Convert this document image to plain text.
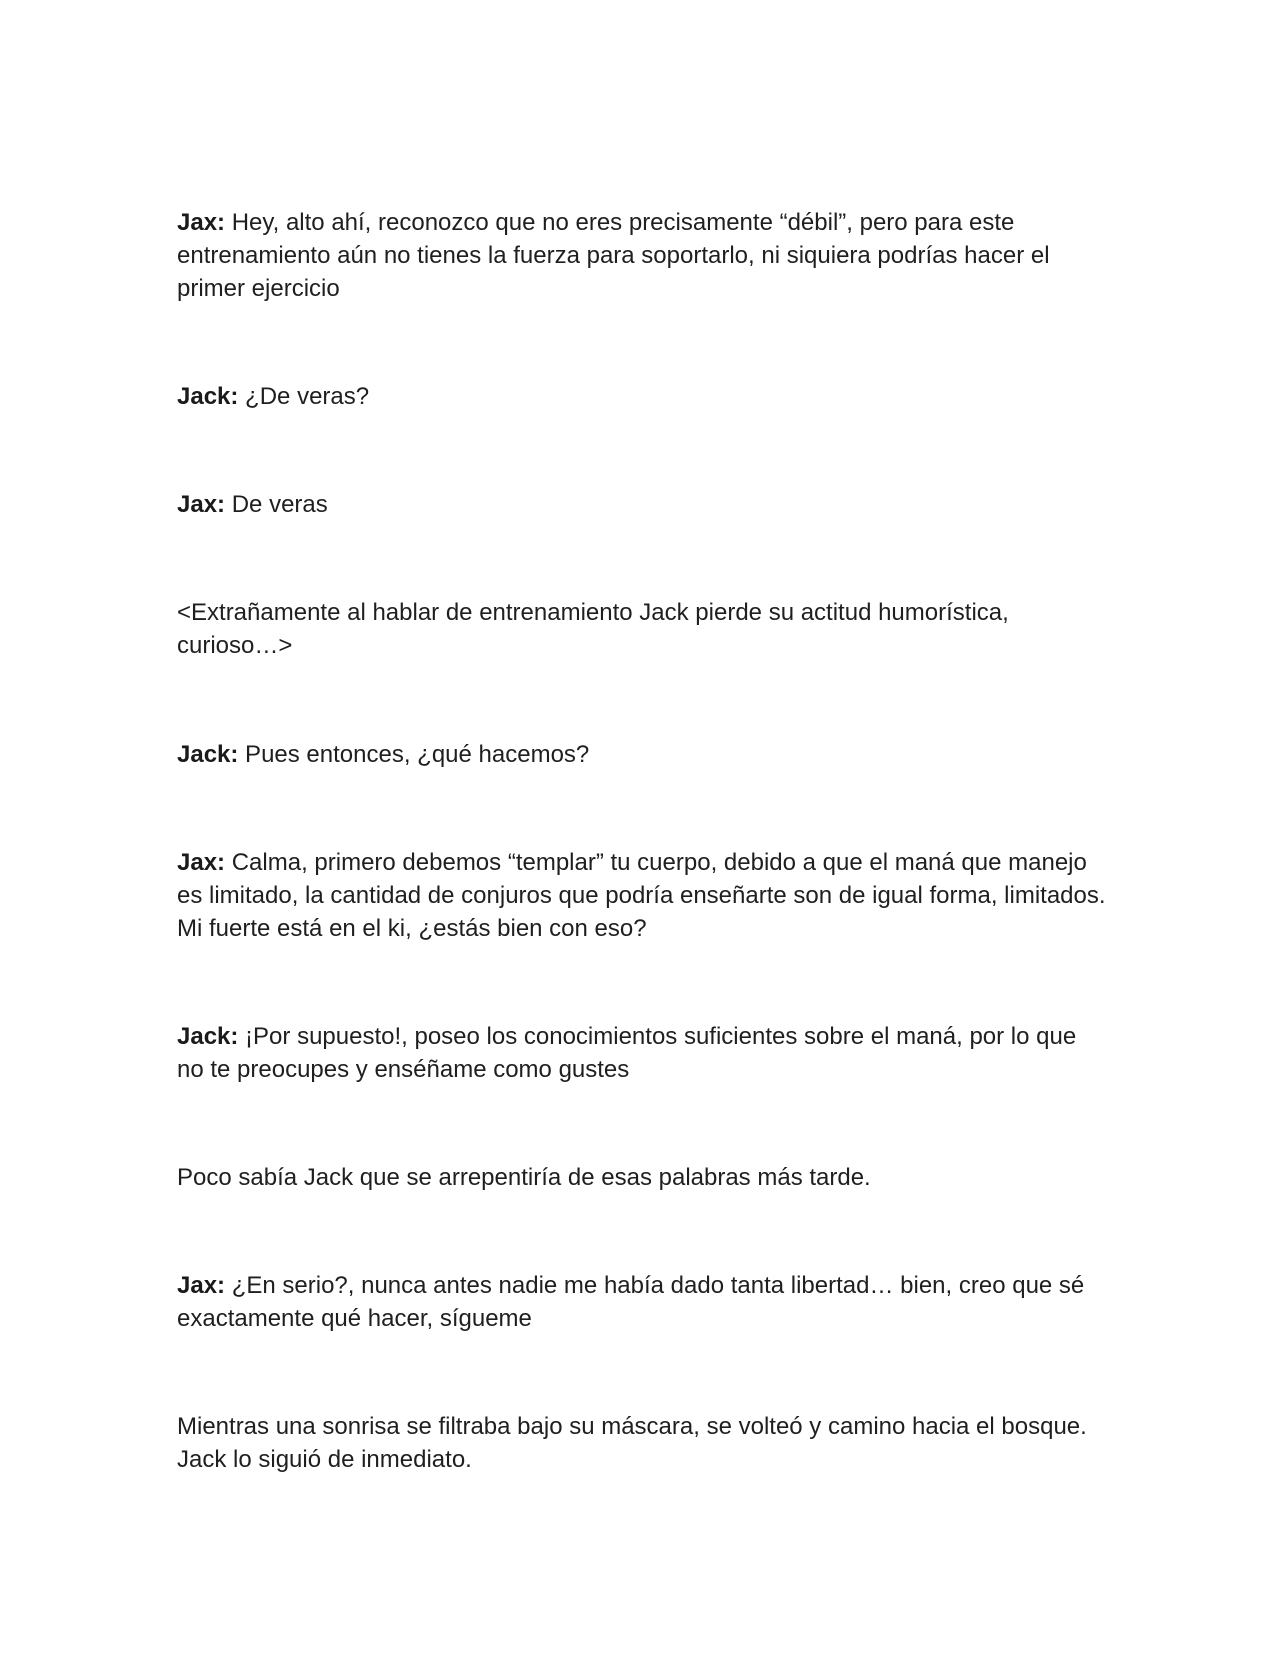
Jax: Hey, alto ahí, reconozco que no eres precisamente “débil”, pero para este entrenamiento aún no tienes la fuerza para soportarlo, ni siquiera podrías hacer el primer ejercicio

Jack: ¿De veras?

Jax: De veras

<Extrañamente al hablar de entrenamiento Jack pierde su actitud humorística, curioso…>

Jack: Pues entonces, ¿qué hacemos?

Jax: Calma, primero debemos “templar” tu cuerpo, debido a que el maná que manejo es limitado, la cantidad de conjuros que podría enseñarte son de igual forma, limitados. Mi fuerte está en el ki, ¿estás bien con eso?

Jack: ¡Por supuesto!, poseo los conocimientos suficientes sobre el maná, por lo que no te preocupes y enséñame como gustes

Poco sabía Jack que se arrepentiría de esas palabras más tarde.

Jax: ¿En serio?, nunca antes nadie me había dado tanta libertad… bien, creo que sé exactamente qué hacer, sígueme

Mientras una sonrisa se filtraba bajo su máscara, se volteó y camino hacia el bosque. Jack lo siguió de inmediato.
